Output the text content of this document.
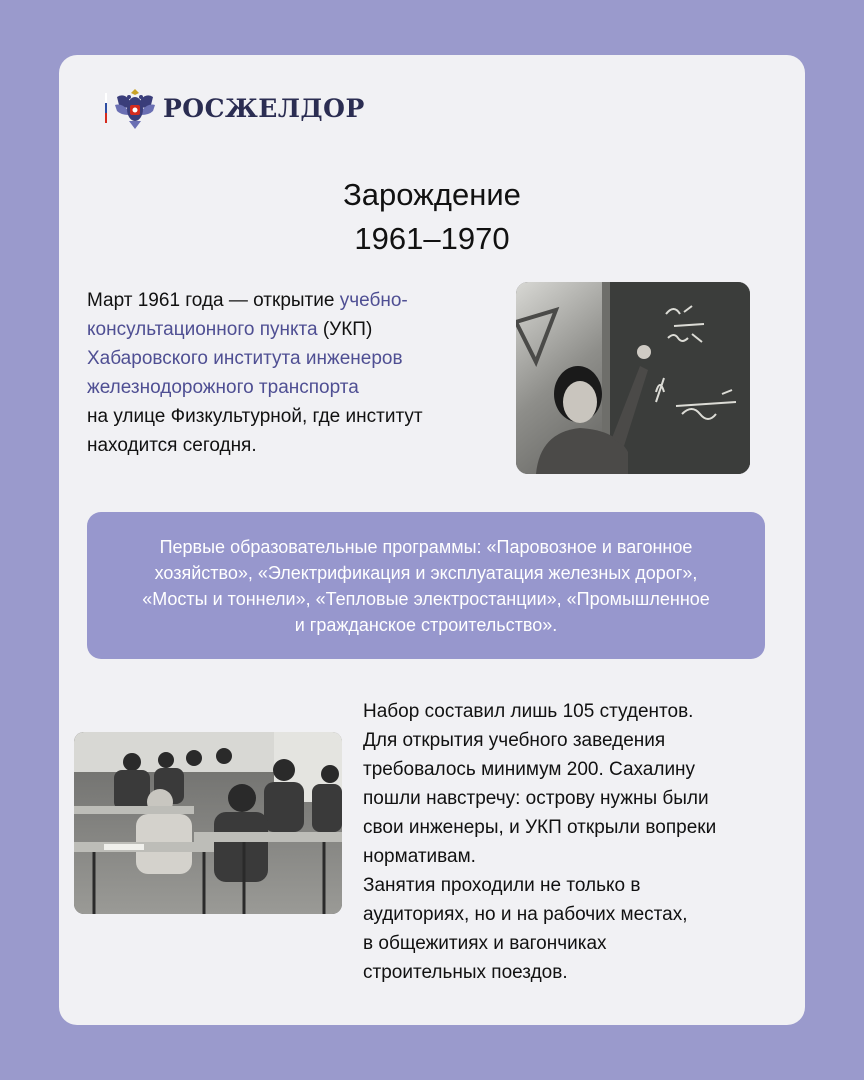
РОСЖЕЛДОР
Зарождение
1961–1970
Март 1961 года — открытие учебно-
консультационного пункта (УКП)
Хабаровского института инженеров
железнодорожного транспорта
на улице Физкультурной, где институт
находится сегодня.
Первые образовательные программы: «Паровозное и вагонное
хозяйство», «Электрификация и эксплуатация железных дорог»,
«Мосты и тоннели», «Тепловые электростанции», «Промышленное
и гражданское строительство».
Набор составил лишь 105 студентов.
Для открытия учебного заведения
требовалось минимум 200. Сахалину
пошли навстречу: острову нужны были
свои инженеры, и УКП открыли вопреки
нормативам.
Занятия проходили не только в
аудиториях, но и на рабочих местах,
в общежитиях и вагончиках
строительных поездов.
